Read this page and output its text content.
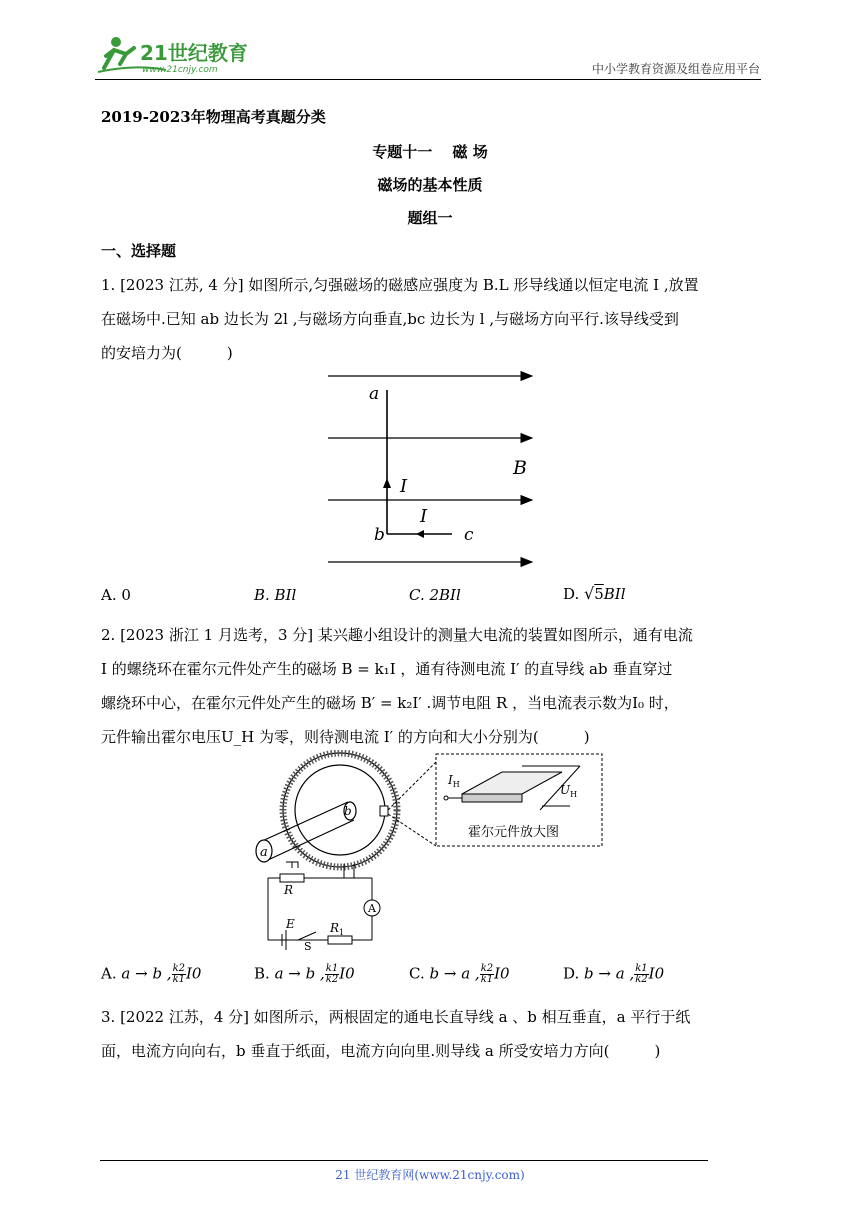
21世纪教育
www.21cnjy.com	中小学教育资源及组卷应用平台
2019-2023年物理高考真题分类
专题十一　 磁 场
磁场的基本性质
题组一
一、选择题
1. [2023 江苏, 4 分] 如图所示,匀强磁场的磁感应强度为 B.L 形导线通以恒定电流 I ,放置
在磁场中.已知 ab 边长为 2l ,与磁场方向垂直,bc 边长为 l ,与磁场方向平行.该导线受到
的安培力为(　　　)
a
b	c
I
I
B
A. 0	B. BIl	C. 2BIl	D. √5BIl
2. [2023 浙江 1 月选考，3 分] 某兴趣小组设计的测量大电流的装置如图所示，通有电流
I 的螺绕环在霍尔元件处产生的磁场 B = k₁I ，通有待测电流 I′ 的直导线 ab 垂直穿过
螺绕环中心，在霍尔元件处产生的磁场 B′ = k₂I′ .调节电阻 R ，当电流表示数为I₀ 时，
元件输出霍尔电压U_H 为零，则待测电流 I′ 的方向和大小分别为(　　　)
a
b
$I_H$	$U_H$
霍尔元件放大图
A
R
E
S
$R_1$
A. a → b , $\frac{k2}{k1} I0$	B. a → b , $\frac{k1}{k2} I0$	C. b → a , $\frac{k2}{k1} I0$	D. b → a , $\frac{k1}{k2} I0$
3. [2022 江苏，4 分] 如图所示，两根固定的通电长直导线 a 、b 相互垂直，a 平行于纸
面，电流方向向右，b 垂直于纸面，电流方向向里.则导线 a 所受安培力方向(　　　)
21 世纪教育网(www.21cnjy.com)
